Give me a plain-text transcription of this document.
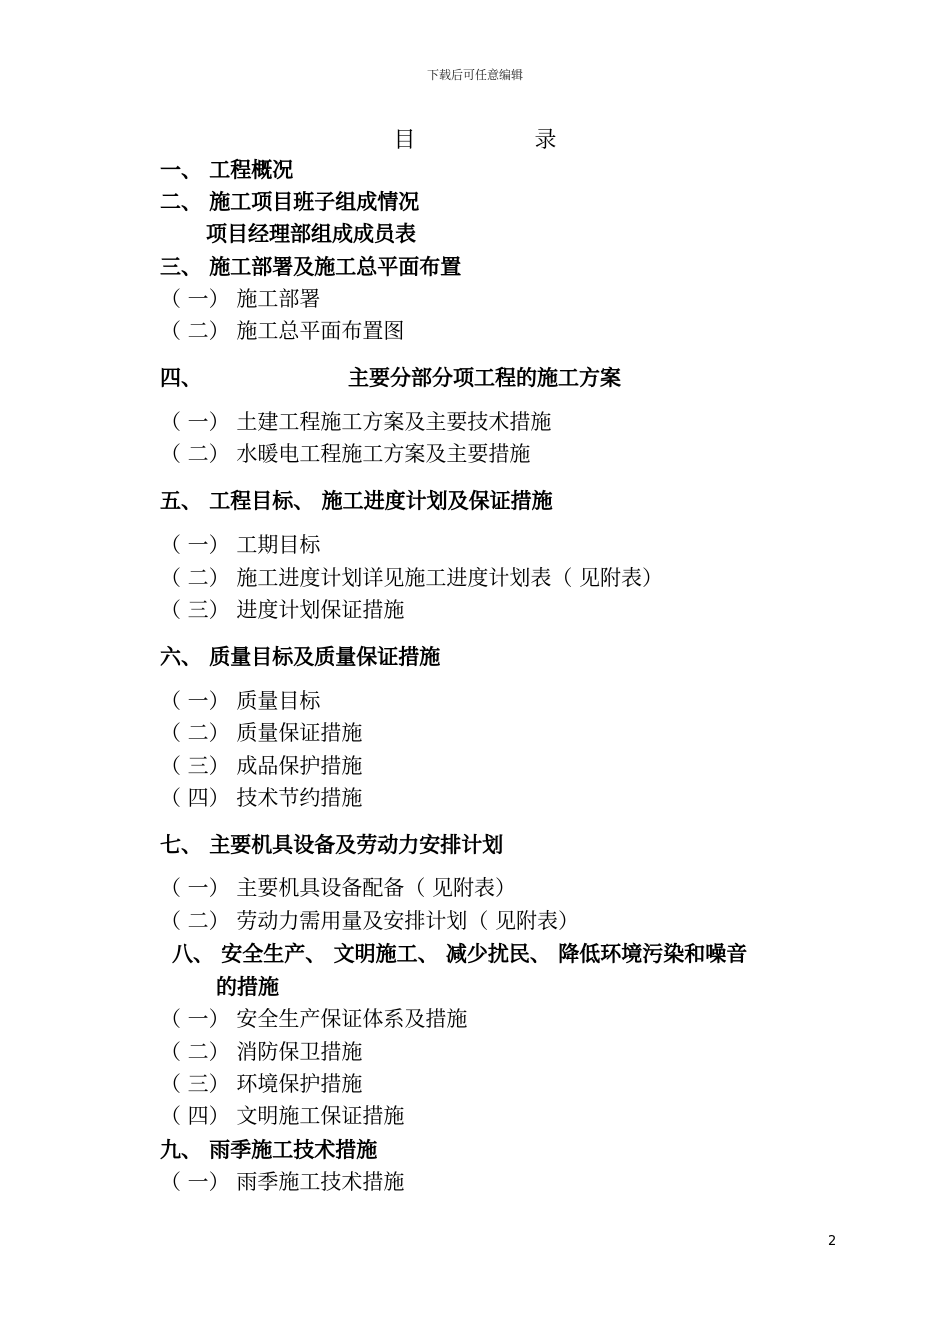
下载后可任意编辑
目 录
一、 工程概况
二、 施工项目班子组成情况
项目经理部组成成员表
三、 施工部署及施工总平面布置
（ 一） 施工部署
（ 二） 施工总平面布置图
四、	主要分部分项工程的施工方案
（ 一） 土建工程施工方案及主要技术措施
（ 二） 水暖电工程施工方案及主要措施
五、 工程目标、 施工进度计划及保证措施
（ 一） 工期目标
（ 二） 施工进度计划详见施工进度计划表（ 见附表）
（ 三） 进度计划保证措施
六、 质量目标及质量保证措施
（ 一） 质量目标
（ 二） 质量保证措施
（ 三） 成品保护措施
（ 四） 技术节约措施
七、 主要机具设备及劳动力安排计划
（ 一） 主要机具设备配备（ 见附表）
（ 二） 劳动力需用量及安排计划（ 见附表）
八、 安全生产、 文明施工、 减少扰民、 降低环境污染和噪音
的措施
（ 一） 安全生产保证体系及措施
（ 二） 消防保卫措施
（ 三） 环境保护措施
（ 四） 文明施工保证措施
九、 雨季施工技术措施
（ 一） 雨季施工技术措施
2
